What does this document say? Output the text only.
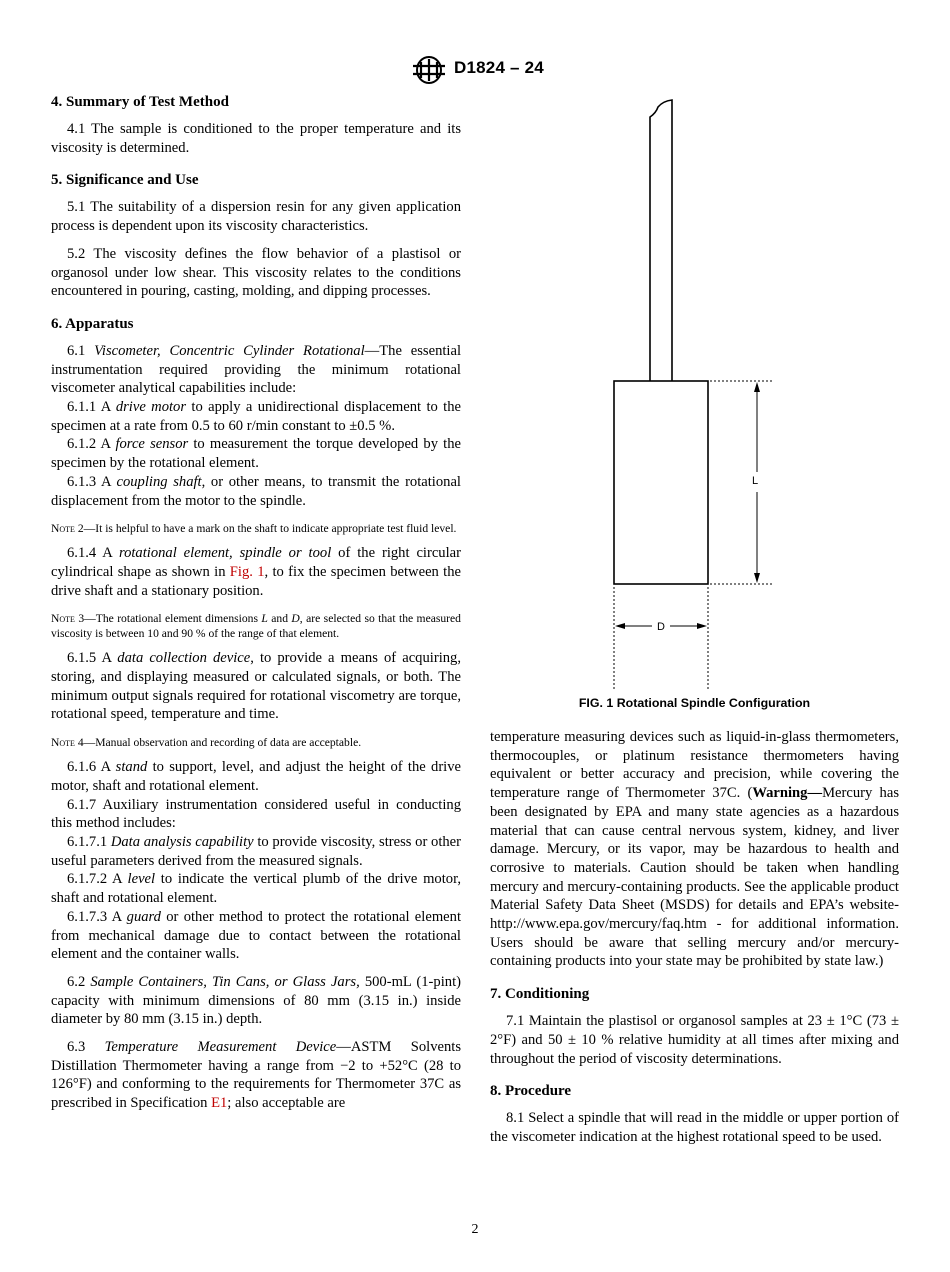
D1824 – 24
4. Summary of Test Method

4.1 The sample is conditioned to the proper temperature and its viscosity is determined.

5. Significance and Use

5.1 The suitability of a dispersion resin for any given application process is dependent upon its viscosity characteristics.

5.2 The viscosity defines the flow behavior of a plastisol or organosol under low shear. This viscosity relates to the conditions encountered in pouring, casting, molding, and dipping processes.

6. Apparatus

6.1 Viscometer, Concentric Cylinder Rotational—The essential instrumentation required providing the minimum rotational viscometer analytical capabilities include:

6.1.1 A drive motor to apply a unidirectional displacement to the specimen at a rate from 0.5 to 60 r/min constant to ±0.5 %.

6.1.2 A force sensor to measurement the torque developed by the specimen by the rotational element.

6.1.3 A coupling shaft, or other means, to transmit the rotational displacement from the motor to the spindle.

Note 2—It is helpful to have a mark on the shaft to indicate appropriate test fluid level.

6.1.4 A rotational element, spindle or tool of the right circular cylindrical shape as shown in Fig. 1, to fix the specimen between the drive shaft and a stationary position.

Note 3—The rotational element dimensions L and D, are selected so that the measured viscosity is between 10 and 90 % of the range of that element.

6.1.5 A data collection device, to provide a means of acquiring, storing, and displaying measured or calculated signals, or both. The minimum output signals required for rotational viscometry are torque, rotational speed, temperature and time.

Note 4—Manual observation and recording of data are acceptable.

6.1.6 A stand to support, level, and adjust the height of the drive motor, shaft and rotational element.

6.1.7 Auxiliary instrumentation considered useful in conducting this method includes:

6.1.7.1 Data analysis capability to provide viscosity, stress or other useful parameters derived from the measured signals.

6.1.7.2 A level to indicate the vertical plumb of the drive motor, shaft and rotational element.

6.1.7.3 A guard or other method to protect the rotational element from mechanical damage due to contact between the rotational element and the container walls.

6.2 Sample Containers, Tin Cans, or Glass Jars, 500-mL (1-pint) capacity with minimum dimensions of 80 mm (3.15 in.) inside diameter by 80 mm (3.15 in.) depth.

6.3 Temperature Measurement Device—ASTM Solvents Distillation Thermometer having a range from −2 to +52°C (28 to 126°F) and conforming to the requirements for Thermometer 37C as prescribed in Specification E1; also acceptable are

L
D
FIG. 1 Rotational Spindle Configuration

temperature measuring devices such as liquid-in-glass thermometers, thermocouples, or platinum resistance thermometers having equivalent or better accuracy and precision, while covering the temperature range of Thermometer 37C. (Warning—Mercury has been designated by EPA and many state agencies as a hazardous material that can cause central nervous system, kidney, and liver damage. Mercury, or its vapor, may be hazardous to health and corrosive to materials. Caution should be taken when handling mercury and mercury-containing products. See the applicable product Material Safety Data Sheet (MSDS) for details and EPA’s website-http://www.epa.gov/mercury/faq.htm - for additional information. Users should be aware that selling mercury and/or mercury-containing products into your state may be prohibited by state law.)

7. Conditioning

7.1 Maintain the plastisol or organosol samples at 23 ± 1°C (73 ± 2°F) and 50 ± 10 % relative humidity at all times after mixing and throughout the period of viscosity determinations.

8. Procedure

8.1 Select a spindle that will read in the middle or upper portion of the viscometer indication at the highest rotational speed to be used.

2
